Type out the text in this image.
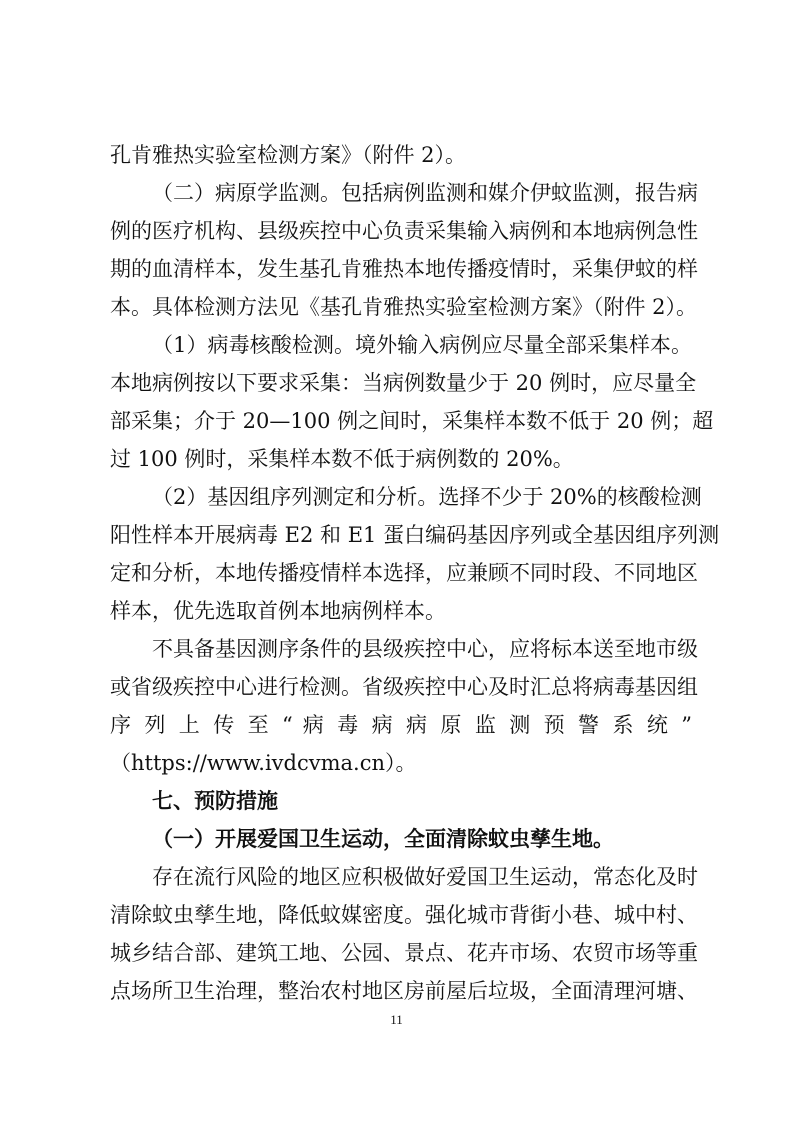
孔肯雅热实验室检测方案》（附件 2）。
（二）病原学监测。包括病例监测和媒介伊蚊监测，报告病
例的医疗机构、县级疾控中心负责采集输入病例和本地病例急性
期的血清样本，发生基孔肯雅热本地传播疫情时，采集伊蚊的样
本。具体检测方法见《基孔肯雅热实验室检测方案》（附件 2）。
（1）病毒核酸检测。境外输入病例应尽量全部采集样本。
本地病例按以下要求采集：当病例数量少于 20 例时，应尽量全
部采集；介于 20—100 例之间时，采集样本数不低于 20 例；超
过 100 例时，采集样本数不低于病例数的 20%。
（2）基因组序列测定和分析。选择不少于 20%的核酸检测
阳性样本开展病毒 E2 和 E1 蛋白编码基因序列或全基因组序列测
定和分析，本地传播疫情样本选择，应兼顾不同时段、不同地区
样本，优先选取首例本地病例样本。
不具备基因测序条件的县级疾控中心，应将标本送至地市级
或省级疾控中心进行检测。省级疾控中心及时汇总将病毒基因组
序 列 上 传 至 “ 病 毒 病 病 原 监 测 预 警 系 统 ”
（https://www.ivdcvma.cn）。
七、预防措施
（一）开展爱国卫生运动，全面清除蚊虫孳生地。
存在流行风险的地区应积极做好爱国卫生运动，常态化及时
清除蚊虫孳生地，降低蚊媒密度。强化城市背街小巷、城中村、
城乡结合部、建筑工地、公园、景点、花卉市场、农贸市场等重
点场所卫生治理，整治农村地区房前屋后垃圾，全面清理河塘、
11
